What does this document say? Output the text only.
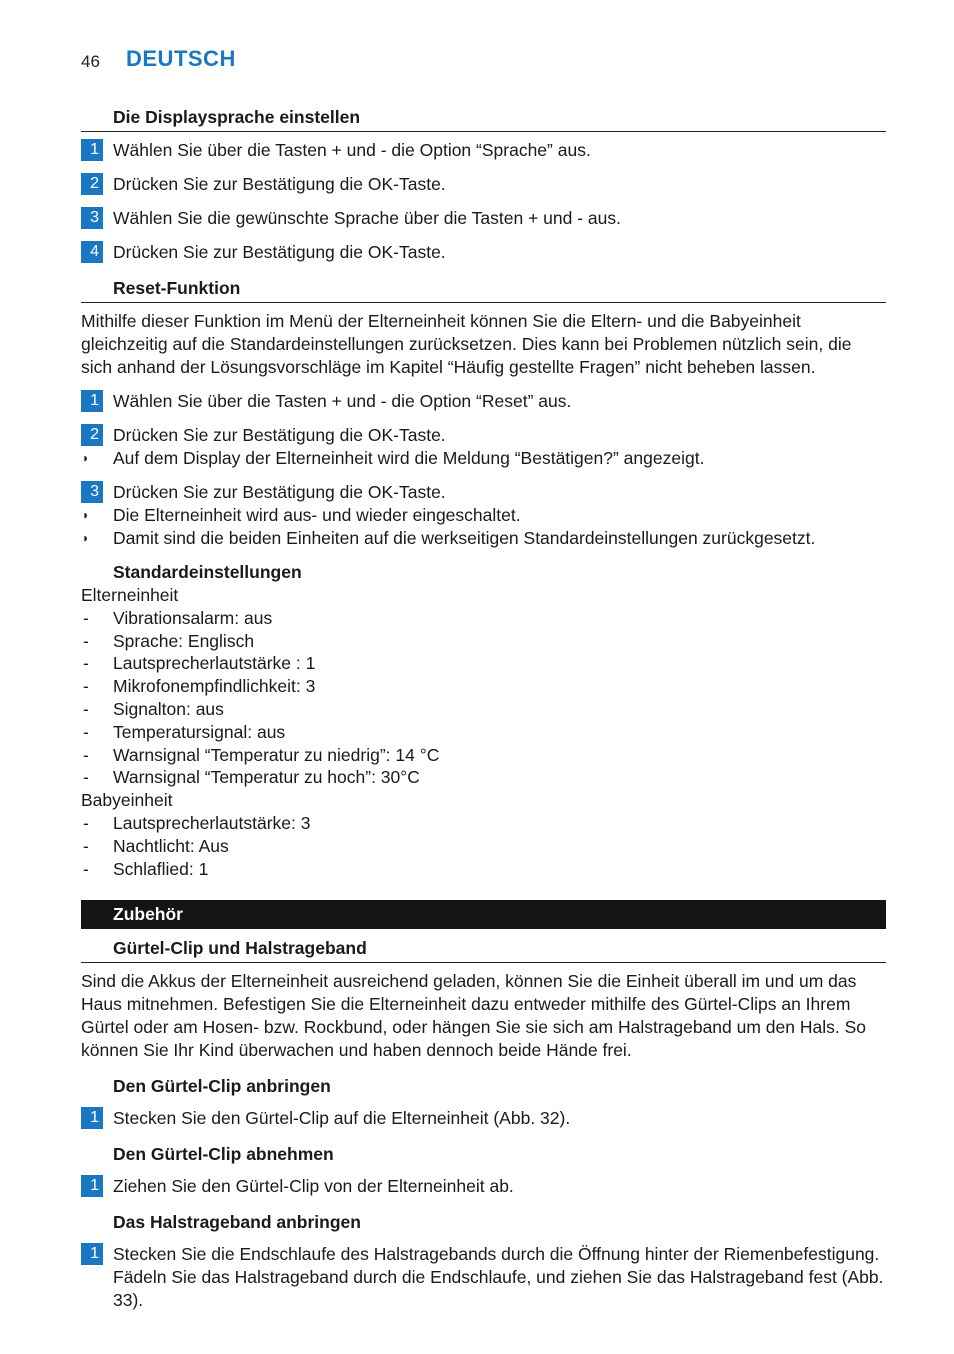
46 DEUTSCH
Die Displaysprache einstellen
1 Wählen Sie über die Tasten + und - die Option “Sprache” aus.
2 Drücken Sie zur Bestätigung die OK-Taste.
3 Wählen Sie die gewünschte Sprache über die Tasten + und - aus.
4 Drücken Sie zur Bestätigung die OK-Taste.
Reset-Funktion
Mithilfe dieser Funktion im Menü der Elterneinheit können Sie die Eltern- und die Babyeinheit gleichzeitig auf die Standardeinstellungen zurücksetzen. Dies kann bei Problemen nützlich sein, die sich anhand der Lösungsvorschläge im Kapitel “Häufig gestellte Fragen” nicht beheben lassen.
1 Wählen Sie über die Tasten + und - die Option “Reset” aus.
2 Drücken Sie zur Bestätigung die OK-Taste.
◗ Auf dem Display der Elterneinheit wird die Meldung “Bestätigen?” angezeigt.
3 Drücken Sie zur Bestätigung die OK-Taste.
◗ Die Elterneinheit wird aus- und wieder eingeschaltet.
◗ Damit sind die beiden Einheiten auf die werkseitigen Standardeinstellungen zurückgesetzt.
Standardeinstellungen
Elterneinheit
- Vibrationsalarm: aus
- Sprache: Englisch
- Lautsprecherlautstärke : 1
- Mikrofonempfindlichkeit: 3
- Signalton: aus
- Temperatursignal: aus
- Warnsignal “Temperatur zu niedrig”: 14 °C
- Warnsignal “Temperatur zu hoch”: 30°C
Babyeinheit
- Lautsprecherlautstärke: 3
- Nachtlicht: Aus
- Schlaflied: 1
Zubehör
Gürtel-Clip und Halstrageband
Sind die Akkus der Elterneinheit ausreichend geladen, können Sie die Einheit überall im und um das Haus mitnehmen. Befestigen Sie die Elterneinheit dazu entweder mithilfe des Gürtel-Clips an Ihrem Gürtel oder am Hosen- bzw. Rockbund, oder hängen Sie sie sich am Halstrageband um den Hals. So können Sie Ihr Kind überwachen und haben dennoch beide Hände frei.
Den Gürtel-Clip anbringen
1 Stecken Sie den Gürtel-Clip auf die Elterneinheit (Abb. 32).
Den Gürtel-Clip abnehmen
1 Ziehen Sie den Gürtel-Clip von der Elterneinheit ab.
Das Halstrageband anbringen
1 Stecken Sie die Endschlaufe des Halstragebands durch die Öffnung hinter der Riemenbefestigung. Fädeln Sie das Halstrageband durch die Endschlaufe, und ziehen Sie das Halstrageband fest (Abb. 33).
